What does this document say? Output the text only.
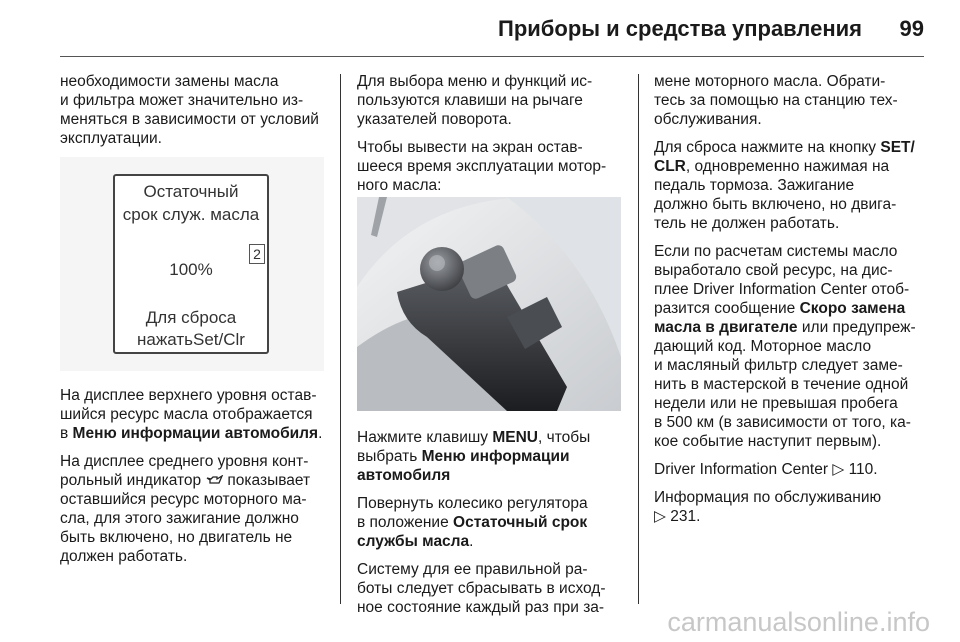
Приборы и средства управления 99

необходимости замены масла
и фильтра может значительно из-
меняться в зависимости от условий
эксплуатации.

Остаточный
срок служ. масла
2
100%
Для сброса
нажатьSet/Clr

На дисплее верхнего уровня остав-
шийся ресурс масла отображается
в Меню информации автомобиля.

На дисплее среднего уровня конт-
рольный индикатор показывает
оставшийся ресурс моторного ма-
сла, для этого зажигание должно
быть включено, но двигатель не
должен работать.

Для выбора меню и функций ис-
пользуются клавиши на рычаге
указателей поворота.

Чтобы вывести на экран остав-
шееся время эксплуатации мотор-
ного масла:

Нажмите клавишу MENU, чтобы
выбрать Меню информации
автомобиля

Повернуть колесико регулятора
в положение Остаточный срок
службы масла.

Систему для ее правильной ра-
боты следует сбрасывать в исход-
ное состояние каждый раз при за-

мене моторного масла. Обрати-
тесь за помощью на станцию тех-
обслуживания.

Для сброса нажмите на кнопку SET/
CLR, одновременно нажимая на
педаль тормоза. Зажигание
должно быть включено, но двига-
тель не должен работать.

Если по расчетам системы масло
выработало свой ресурс, на дис-
плее Driver Information Center отоб-
разится сообщение Скоро замена
масла в двигателе или предупреж-
дающий код. Моторное масло
и масляный фильтр следует заме-
нить в мастерской в течение одной
недели или не превышая пробега
в 500 км (в зависимости от того, ка-
кое событие наступит первым).

Driver Information Center ▷ 110.

Информация по обслуживанию
▷ 231.

carmanualsonline.info
